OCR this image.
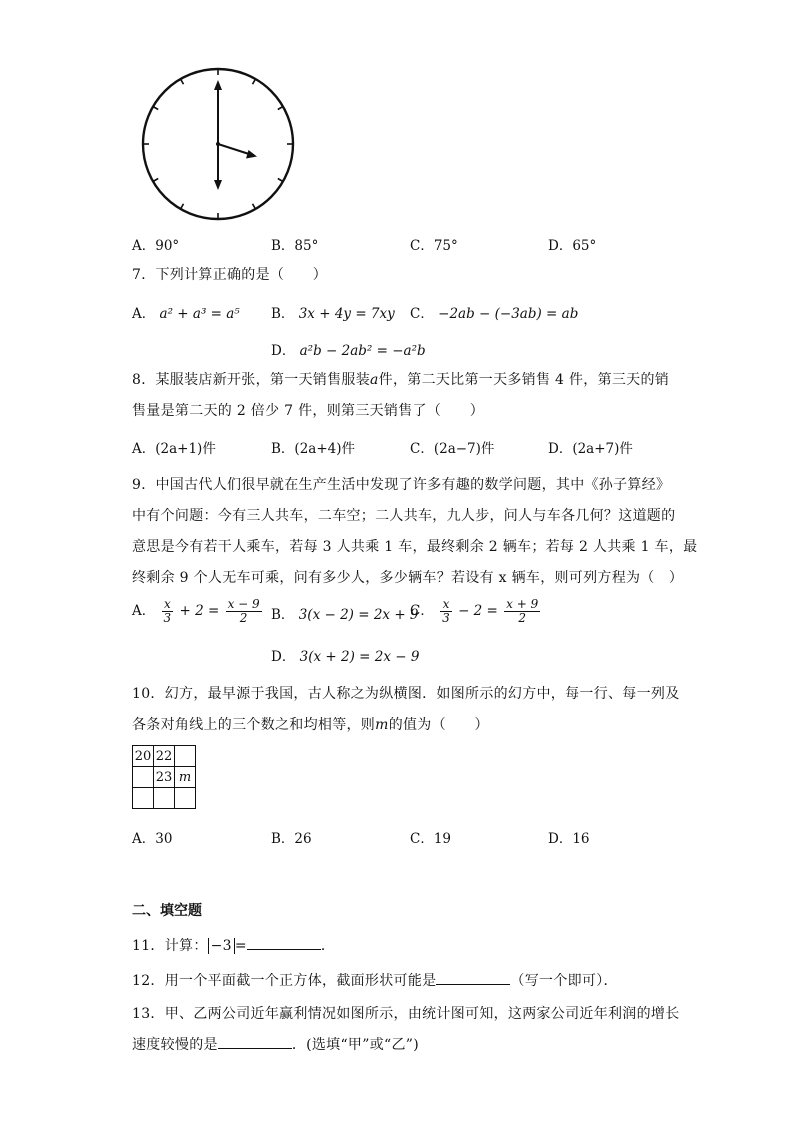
A．90°	B．85°	C．75°	D．65°
7．下列计算正确的是（　　）
A． a² + a³ = a⁵ B． 3x + 4y = 7xy C． −2ab − (−3ab) = ab
D． a²b − 2ab² = −a²b
8．某服装店新开张，第一天销售服装a件，第二天比第一天多销售 4 件，第三天的销
售量是第二天的 2 倍少 7 件，则第三天销售了（　　）
A．(2a+1)件	B．(2a+4)件	C．(2a−7)件	D．(2a+7)件
9．中国古代人们很早就在生产生活中发现了许多有趣的数学问题，其中《孙子算经》
中有个问题：今有三人共车，二车空；二人共车，九人步，问人与车各几何？这道题的
意思是今有若干人乘车，若每 3 人共乘 1 车，最终剩余 2 辆车；若每 2 人共乘 1 车，最
终剩余 9 个人无车可乘，问有多少人，多少辆车？若设有 x 辆车，则可列方程为（　）
A． $\frac{x}{3} + 2 = \frac{x - 9}{2}$ B． 3(x − 2) = 2x + 9
C． $\frac{x}{3} - 2 = \frac{x + 9}{2}$
D． 3(x + 2) = 2x − 9
10．幻方，最早源于我国，古人称之为纵横图．如图所示的幻方中，每一行、每一列及
各条对角线上的三个数之和均相等，则m的值为（　　）
20	22	
	23	m

A．30	B．26	C．19	D．16
二、填空题
11．计算： −3 =	．
12．用一个平面截一个正方体，截面形状可能是	（写一个即可）．
13．甲、乙两公司近年赢利情况如图所示，由统计图可知，这两家公司近年利润的增长
速度较慢的是	．(选填“甲”或“乙”)
